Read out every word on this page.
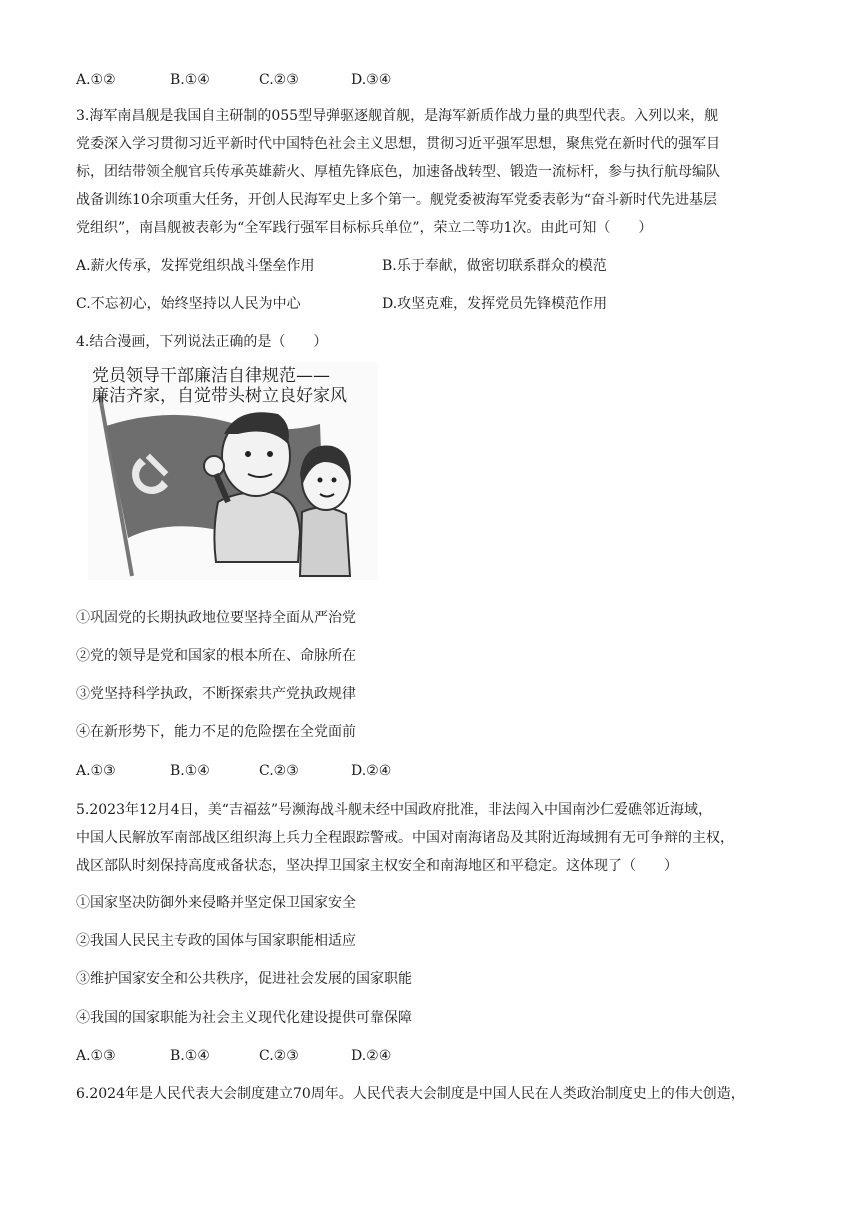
A.①②	B.①④	C.②③	D.③④
3.海军南昌舰是我国自主研制的055型导弹驱逐舰首舰，是海军新质作战力量的典型代表。入列以来，舰
党委深入学习贯彻习近平新时代中国特色社会主义思想，贯彻习近平强军思想，聚焦党在新时代的强军目
标，团结带领全舰官兵传承英雄薪火、厚植先锋底色，加速备战转型、锻造一流标杆，参与执行航母编队
战备训练10余项重大任务，开创人民海军史上多个第一。舰党委被海军党委表彰为“奋斗新时代先进基层
党组织”，南昌舰被表彰为“全军践行强军目标标兵单位”，荣立二等功1次。由此可知（　　）
A.薪火传承，发挥党组织战斗堡垒作用	B.乐于奉献，做密切联系群众的模范
C.不忘初心，始终坚持以人民为中心	D.攻坚克难，发挥党员先锋模范作用
4.结合漫画，下列说法正确的是（　　）
党员领导干部廉洁自律规范——
廉洁齐家，自觉带头树立良好家风
①巩固党的长期执政地位要坚持全面从严治党
②党的领导是党和国家的根本所在、命脉所在
③党坚持科学执政，不断探索共产党执政规律
④在新形势下，能力不足的危险摆在全党面前
A.①③	B.①④	C.②③	D.②④
5.2023年12月4日，美“吉福兹”号濒海战斗舰未经中国政府批准，非法闯入中国南沙仁爱礁邻近海域，
中国人民解放军南部战区组织海上兵力全程跟踪警戒。中国对南海诸岛及其附近海域拥有无可争辩的主权，
战区部队时刻保持高度戒备状态，坚决捍卫国家主权安全和南海地区和平稳定。这体现了（　　）
①国家坚决防御外来侵略并坚定保卫国家安全
②我国人民民主专政的国体与国家职能相适应
③维护国家安全和公共秩序，促进社会发展的国家职能
④我国的国家职能为社会主义现代化建设提供可靠保障
A.①③	B.①④	C.②③	D.②④
6.2024年是人民代表大会制度建立70周年。人民代表大会制度是中国人民在人类政治制度史上的伟大创造，
